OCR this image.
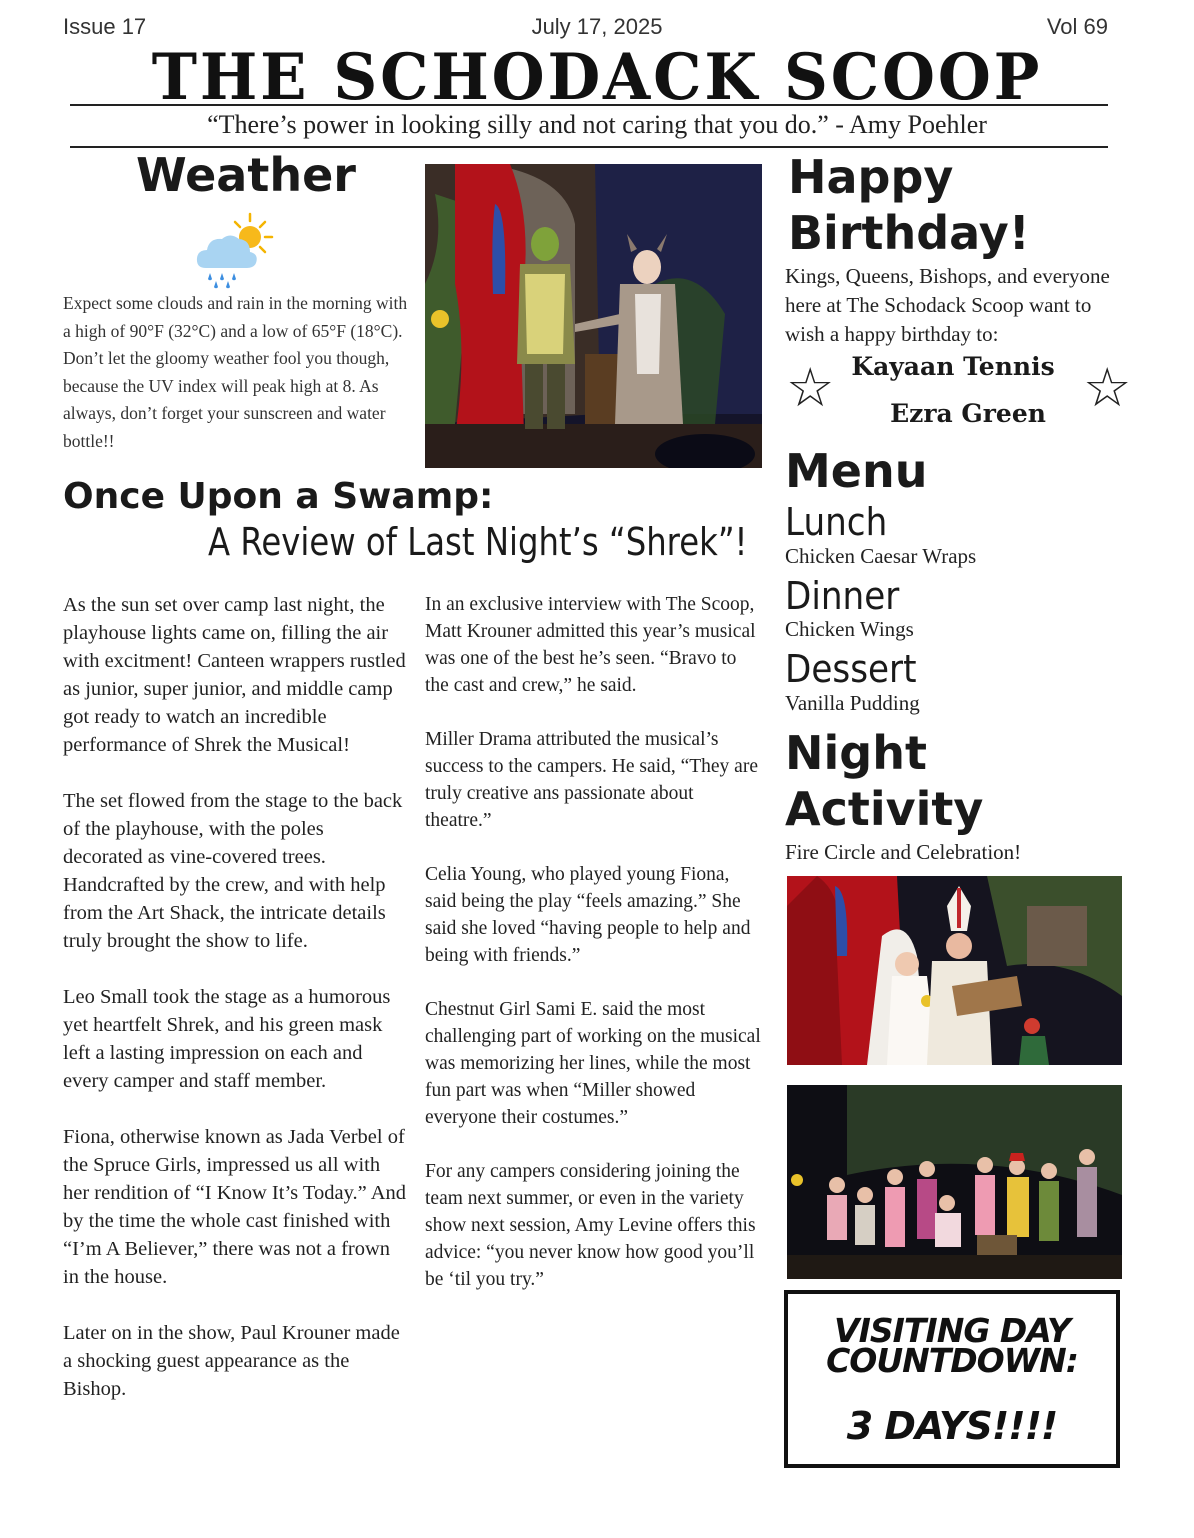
Issue 17	July 17, 2025	Vol 69
THE SCHODACK SCOOP
“There’s power in looking silly and not caring that you do.” - Amy Poehler
Weather
Expect some clouds and rain in the morning with a high of 90°F (32°C) and a low of 65°F (18°C). Don’t let the gloomy weather fool you though, because the UV index will peak high at 8. As always, don’t forget your sunscreen and water bottle!!
Once Upon a Swamp:
A Review of Last Night’s “Shrek”!

As the sun set over camp last night, the playhouse lights came on, filling the air with excitment! Canteen wrappers rustled as junior, super junior, and middle camp got ready to watch an incredible performance of Shrek the Musical!

The set flowed from the stage to the back of the playhouse, with the poles decorated as vine-covered trees. Handcrafted by the crew, and with help from the Art Shack, the intricate details truly brought the show to life.

Leo Small took the stage as a humorous yet heartfelt Shrek, and his green mask left a lasting impression on each and every camper and staff member.

Fiona, otherwise known as Jada Verbel of the Spruce Girls, impressed us all with her rendition of “I Know It’s Today.” And by the time the whole cast finished with “I’m A Believer,” there was not a frown in the house.

Later on in the show, Paul Krouner made a shocking guest appearance as the Bishop.

In an exclusive interview with The Scoop, Matt Krouner admitted this year’s musical was one of the best he’s seen. “Bravo to the cast and crew,” he said.

Miller Drama attributed the musical’s success to the campers. He said, “They are truly creative ans passionate about theatre.”

Celia Young, who played young Fiona, said being the play “feels amazing.” She said she loved “having people to help and being with friends.”

Chestnut Girl Sami E. said the most challenging part of working on the musical was memorizing her lines, while the most fun part was when “Miller showed everyone their costumes.”

For any campers considering joining the team next summer, or even in the variety show next session, Amy Levine offers this advice: “you never know how good you’ll be ‘til you try.”

Happy
Birthday!
Kings, Queens, Bishops, and everyone here at The Schodack Scoop want to wish a happy birthday to:
☆	☆
Kayaan Tennis
Ezra Green
Menu
Lunch
Chicken Caesar Wraps
Dinner
Chicken Wings
Dessert
Vanilla Pudding
Night
Activity
Fire Circle and Celebration!
VISITING DAY
COUNTDOWN:
3 DAYS!!!!
